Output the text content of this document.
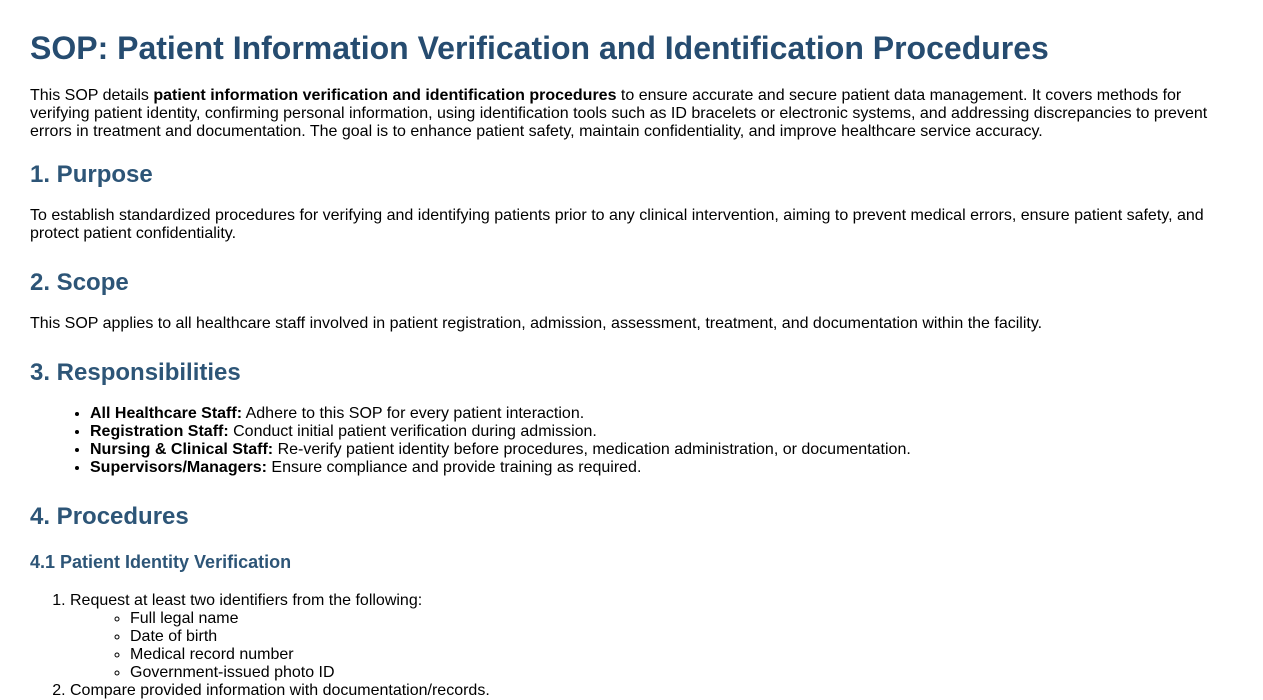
SOP: Patient Information Verification and Identification Procedures

This SOP details patient information verification and identification procedures to ensure accurate and secure patient data management. It covers methods for verifying patient identity, confirming personal information, using identification tools such as ID bracelets or electronic systems, and addressing discrepancies to prevent errors in treatment and documentation. The goal is to enhance patient safety, maintain confidentiality, and improve healthcare service accuracy.

1. Purpose

To establish standardized procedures for verifying and identifying patients prior to any clinical intervention, aiming to prevent medical errors, ensure patient safety, and protect patient confidentiality.

2. Scope

This SOP applies to all healthcare staff involved in patient registration, admission, assessment, treatment, and documentation within the facility.

3. Responsibilities
• All Healthcare Staff: Adhere to this SOP for every patient interaction.
• Registration Staff: Conduct initial patient verification during admission.
• Nursing & Clinical Staff: Re-verify patient identity before procedures, medication administration, or documentation.
• Supervisors/Managers: Ensure compliance and provide training as required.
4. Procedures
4.1 Patient Identity Verification
1. Request at least two identifiers from the following:
◦ Full legal name
◦ Date of birth
◦ Medical record number
◦ Government-issued photo ID
2. Compare provided information with documentation/records.
